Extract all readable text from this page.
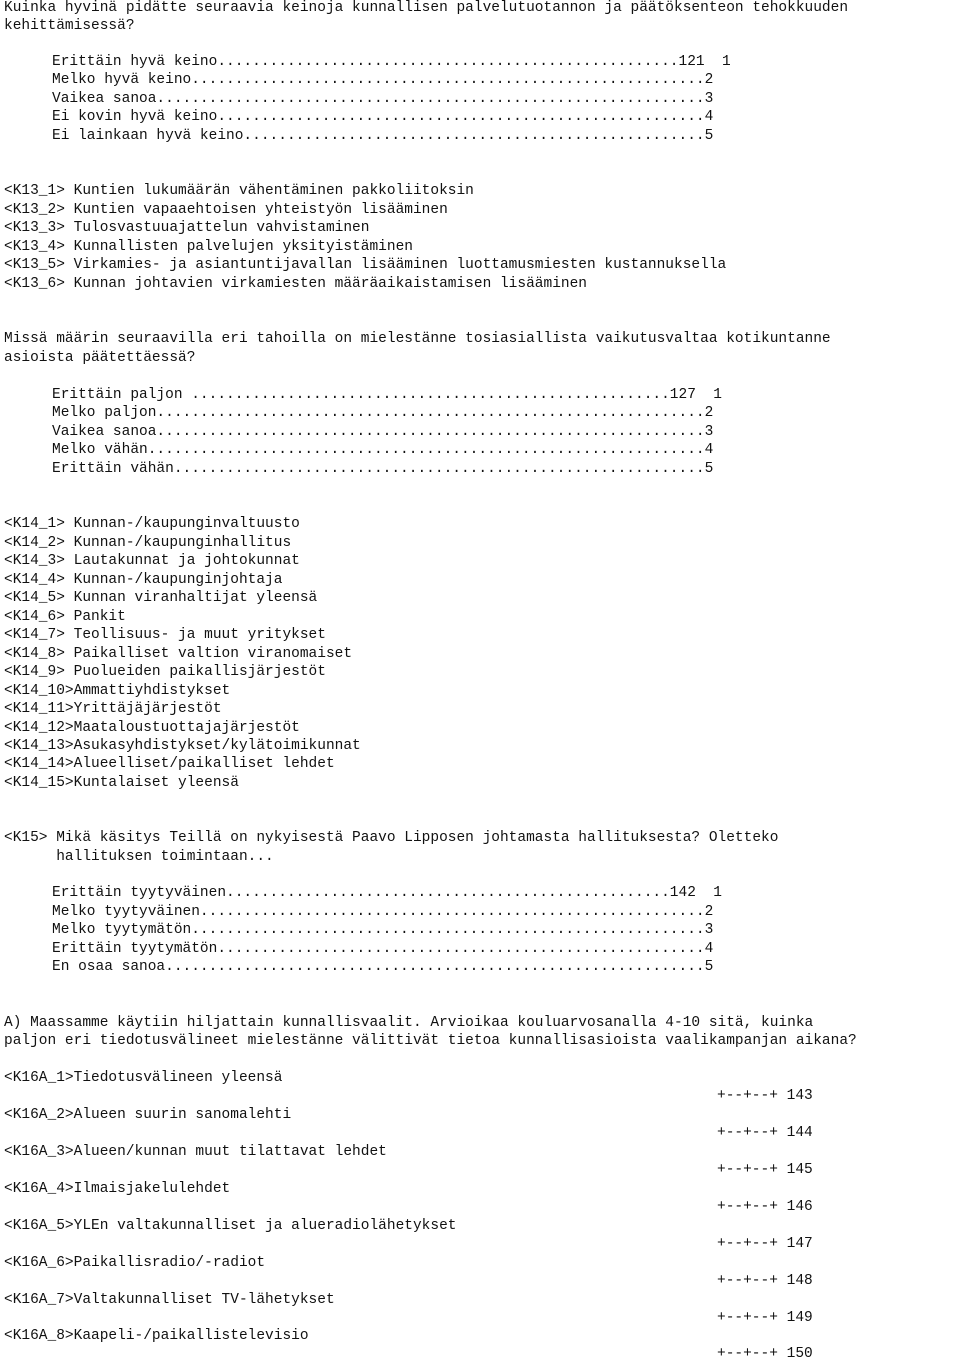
Kuinka hyvinä pidätte seuraavia keinoja kunnallisen palvelutuotannon ja päätöksenteon tehokkuuden
kehittämisessä?
Erittäin hyvä keino.....................................................121  1
Melko hyvä keino...........................................................2
Vaikea sanoa...............................................................3
Ei kovin hyvä keino........................................................4
Ei lainkaan hyvä keino.....................................................5
<K13_1> Kuntien lukumäärän vähentäminen pakkoliitoksin
<K13_2> Kuntien vapaaehtoisen yhteistyön lisääminen
<K13_3> Tulosvastuuajattelun vahvistaminen
<K13_4> Kunnallisten palvelujen yksityistäminen
<K13_5> Virkamies- ja asiantuntijavallan lisääminen luottamusmiesten kustannuksella
<K13_6> Kunnan johtavien virkamiesten määräaikaistamisen lisääminen
Missä määrin seuraavilla eri tahoilla on mielestänne tosiasiallista vaikutusvaltaa kotikuntanne
asioista päätettäessä?
Erittäin paljon .......................................................127  1
Melko paljon...............................................................2
Vaikea sanoa...............................................................3
Melko vähän................................................................4
Erittäin vähän.............................................................5
<K14_1> Kunnan-/kaupunginvaltuusto
<K14_2> Kunnan-/kaupunginhallitus
<K14_3> Lautakunnat ja johtokunnat
<K14_4> Kunnan-/kaupunginjohtaja
<K14_5> Kunnan viranhaltijat yleensä
<K14_6> Pankit
<K14_7> Teollisuus- ja muut yritykset
<K14_8> Paikalliset valtion viranomaiset
<K14_9> Puolueiden paikallisjärjestöt
<K14_10>Ammattiyhdistykset
<K14_11>Yrittäjäjärjestöt
<K14_12>Maataloustuottajajärjestöt
<K14_13>Asukasyhdistykset/kylätoimikunnat
<K14_14>Alueelliset/paikalliset lehdet
<K14_15>Kuntalaiset yleensä
<K15> Mikä käsitys Teillä on nykyisestä Paavo Lipposen johtamasta hallituksesta? Oletteko
hallituksen toimintaan...
Erittäin tyytyväinen...................................................142  1
Melko tyytyväinen..........................................................2
Melko tyytymätön...........................................................3
Erittäin tyytymätön........................................................4
En osaa sanoa..............................................................5
A) Maassamme käytiin hiljattain kunnallisvaalit. Arvioikaa kouluarvosanalla 4-10 sitä, kuinka
paljon eri tiedotusvälineet mielestänne välittivät tietoa kunnallisasioista vaalikampanjan aikana?
<K16A_1>Tiedotusvälineen yleensä
+--+--+ 143
<K16A_2>Alueen suurin sanomalehti
+--+--+ 144
<K16A_3>Alueen/kunnan muut tilattavat lehdet
+--+--+ 145
<K16A_4>Ilmaisjakelulehdet
+--+--+ 146
<K16A_5>YLEn valtakunnalliset ja alueradiolähetykset
+--+--+ 147
<K16A_6>Paikallisradio/-radiot
+--+--+ 148
<K16A_7>Valtakunnalliset TV-lähetykset
+--+--+ 149
<K16A_8>Kaapeli-/paikallistelevisio
+--+--+ 150
